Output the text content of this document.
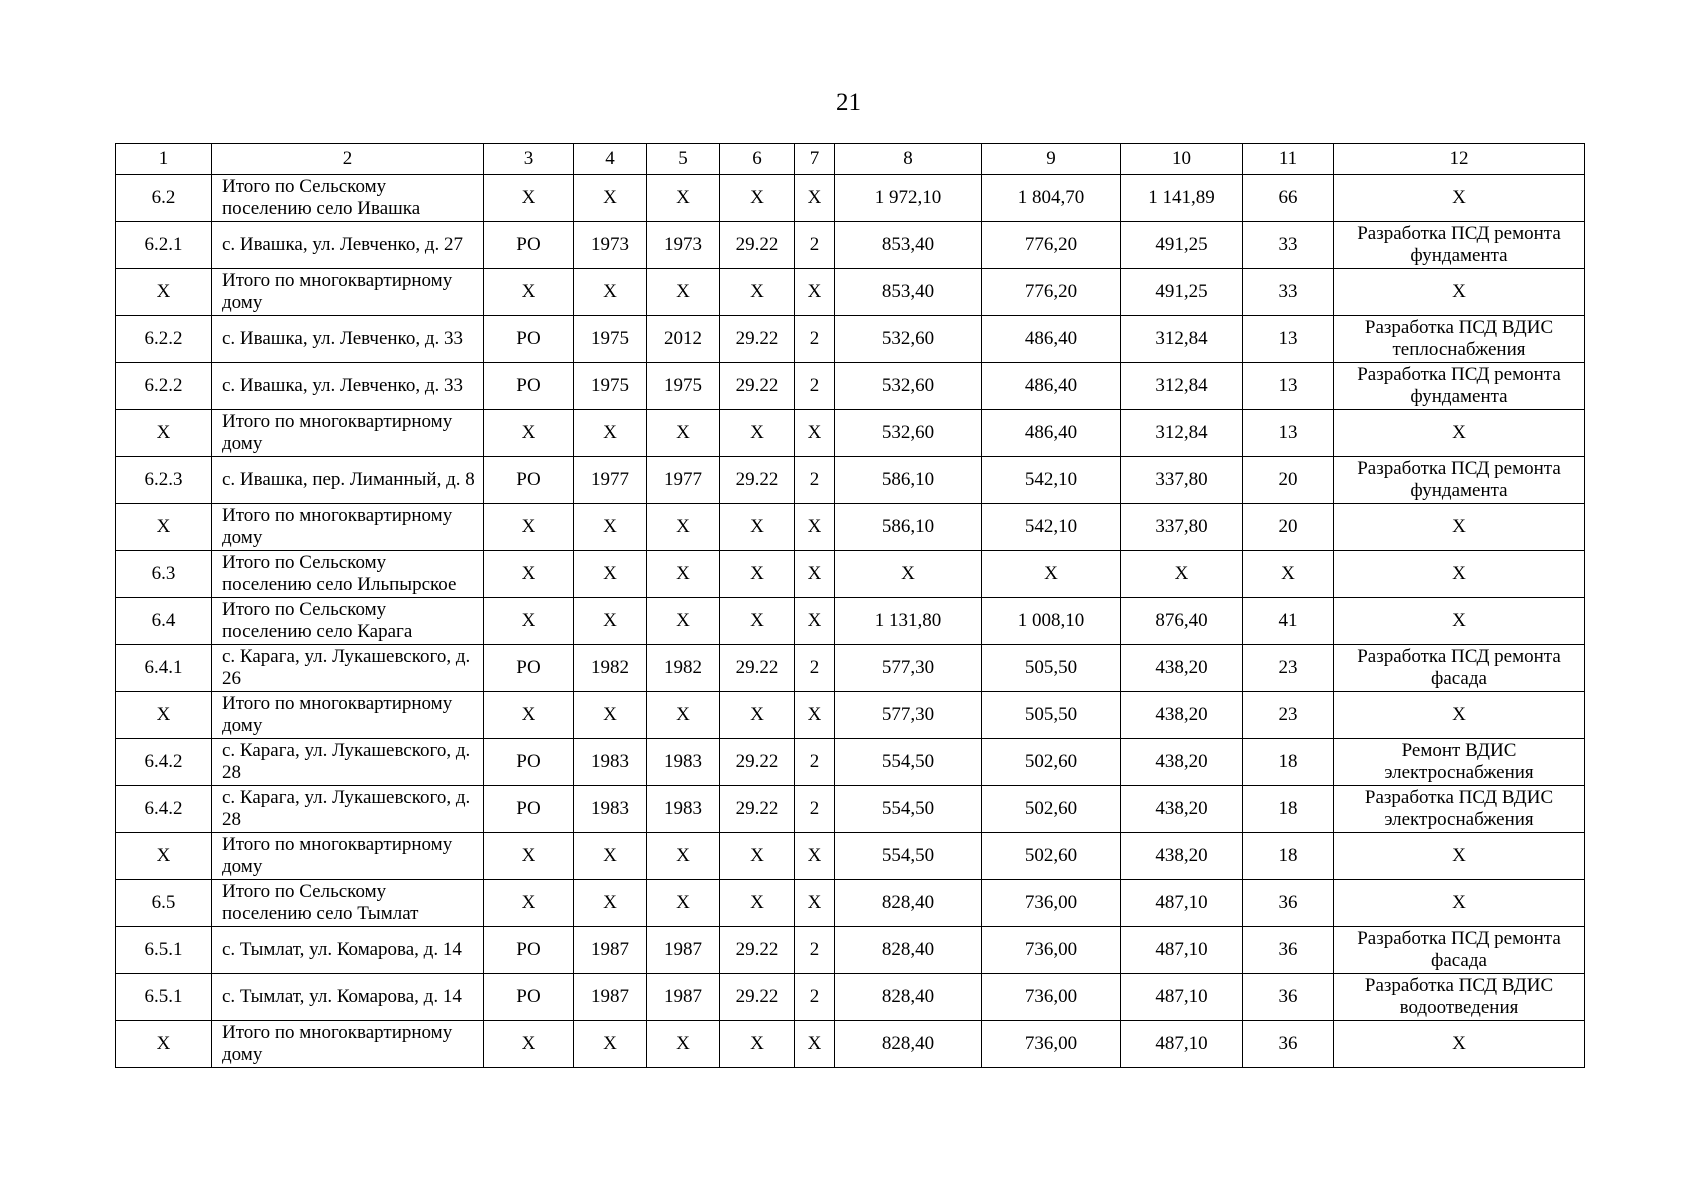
21
1	2	3	4	5	6	7	8	9	10	11	12
6.2	Итого по Сельскому поселению село Ивашка	Х	Х	Х	Х	Х	1 972,10	1 804,70	1 141,89	66	Х
6.2.1	с. Ивашка, ул. Левченко, д. 27	РО	1973	1973	29.22	2	853,40	776,20	491,25	33	Разработка ПСД ремонта фундамента
Х	Итого по многоквартирному дому	Х	Х	Х	Х	Х	853,40	776,20	491,25	33	Х
6.2.2	с. Ивашка, ул. Левченко, д. 33	РО	1975	2012	29.22	2	532,60	486,40	312,84	13	Разработка ПСД ВДИС теплоснабжения
6.2.2	с. Ивашка, ул. Левченко, д. 33	РО	1975	1975	29.22	2	532,60	486,40	312,84	13	Разработка ПСД ремонта фундамента
Х	Итого по многоквартирному дому	Х	Х	Х	Х	Х	532,60	486,40	312,84	13	Х
6.2.3	с. Ивашка, пер. Лиманный, д. 8	РО	1977	1977	29.22	2	586,10	542,10	337,80	20	Разработка ПСД ремонта фундамента
Х	Итого по многоквартирному дому	Х	Х	Х	Х	Х	586,10	542,10	337,80	20	Х
6.3	Итого по Сельскому поселению село Ильпырское	Х	Х	Х	Х	Х	Х	Х	Х	Х	Х
6.4	Итого по Сельскому поселению село Карага	Х	Х	Х	Х	Х	1 131,80	1 008,10	876,40	41	Х
6.4.1	с. Карага, ул. Лукашевского, д. 26	РО	1982	1982	29.22	2	577,30	505,50	438,20	23	Разработка ПСД ремонта фасада
Х	Итого по многоквартирному дому	Х	Х	Х	Х	Х	577,30	505,50	438,20	23	Х
6.4.2	с. Карага, ул. Лукашевского, д. 28	РО	1983	1983	29.22	2	554,50	502,60	438,20	18	Ремонт ВДИС электроснабжения
6.4.2	с. Карага, ул. Лукашевского, д. 28	РО	1983	1983	29.22	2	554,50	502,60	438,20	18	Разработка ПСД ВДИС электроснабжения
Х	Итого по многоквартирному дому	Х	Х	Х	Х	Х	554,50	502,60	438,20	18	Х
6.5	Итого по Сельскому поселению село Тымлат	Х	Х	Х	Х	Х	828,40	736,00	487,10	36	Х
6.5.1	с. Тымлат, ул. Комарова, д. 14	РО	1987	1987	29.22	2	828,40	736,00	487,10	36	Разработка ПСД ремонта фасада
6.5.1	с. Тымлат, ул. Комарова, д. 14	РО	1987	1987	29.22	2	828,40	736,00	487,10	36	Разработка ПСД ВДИС водоотведения
Х	Итого по многоквартирному дому	Х	Х	Х	Х	Х	828,40	736,00	487,10	36	Х
